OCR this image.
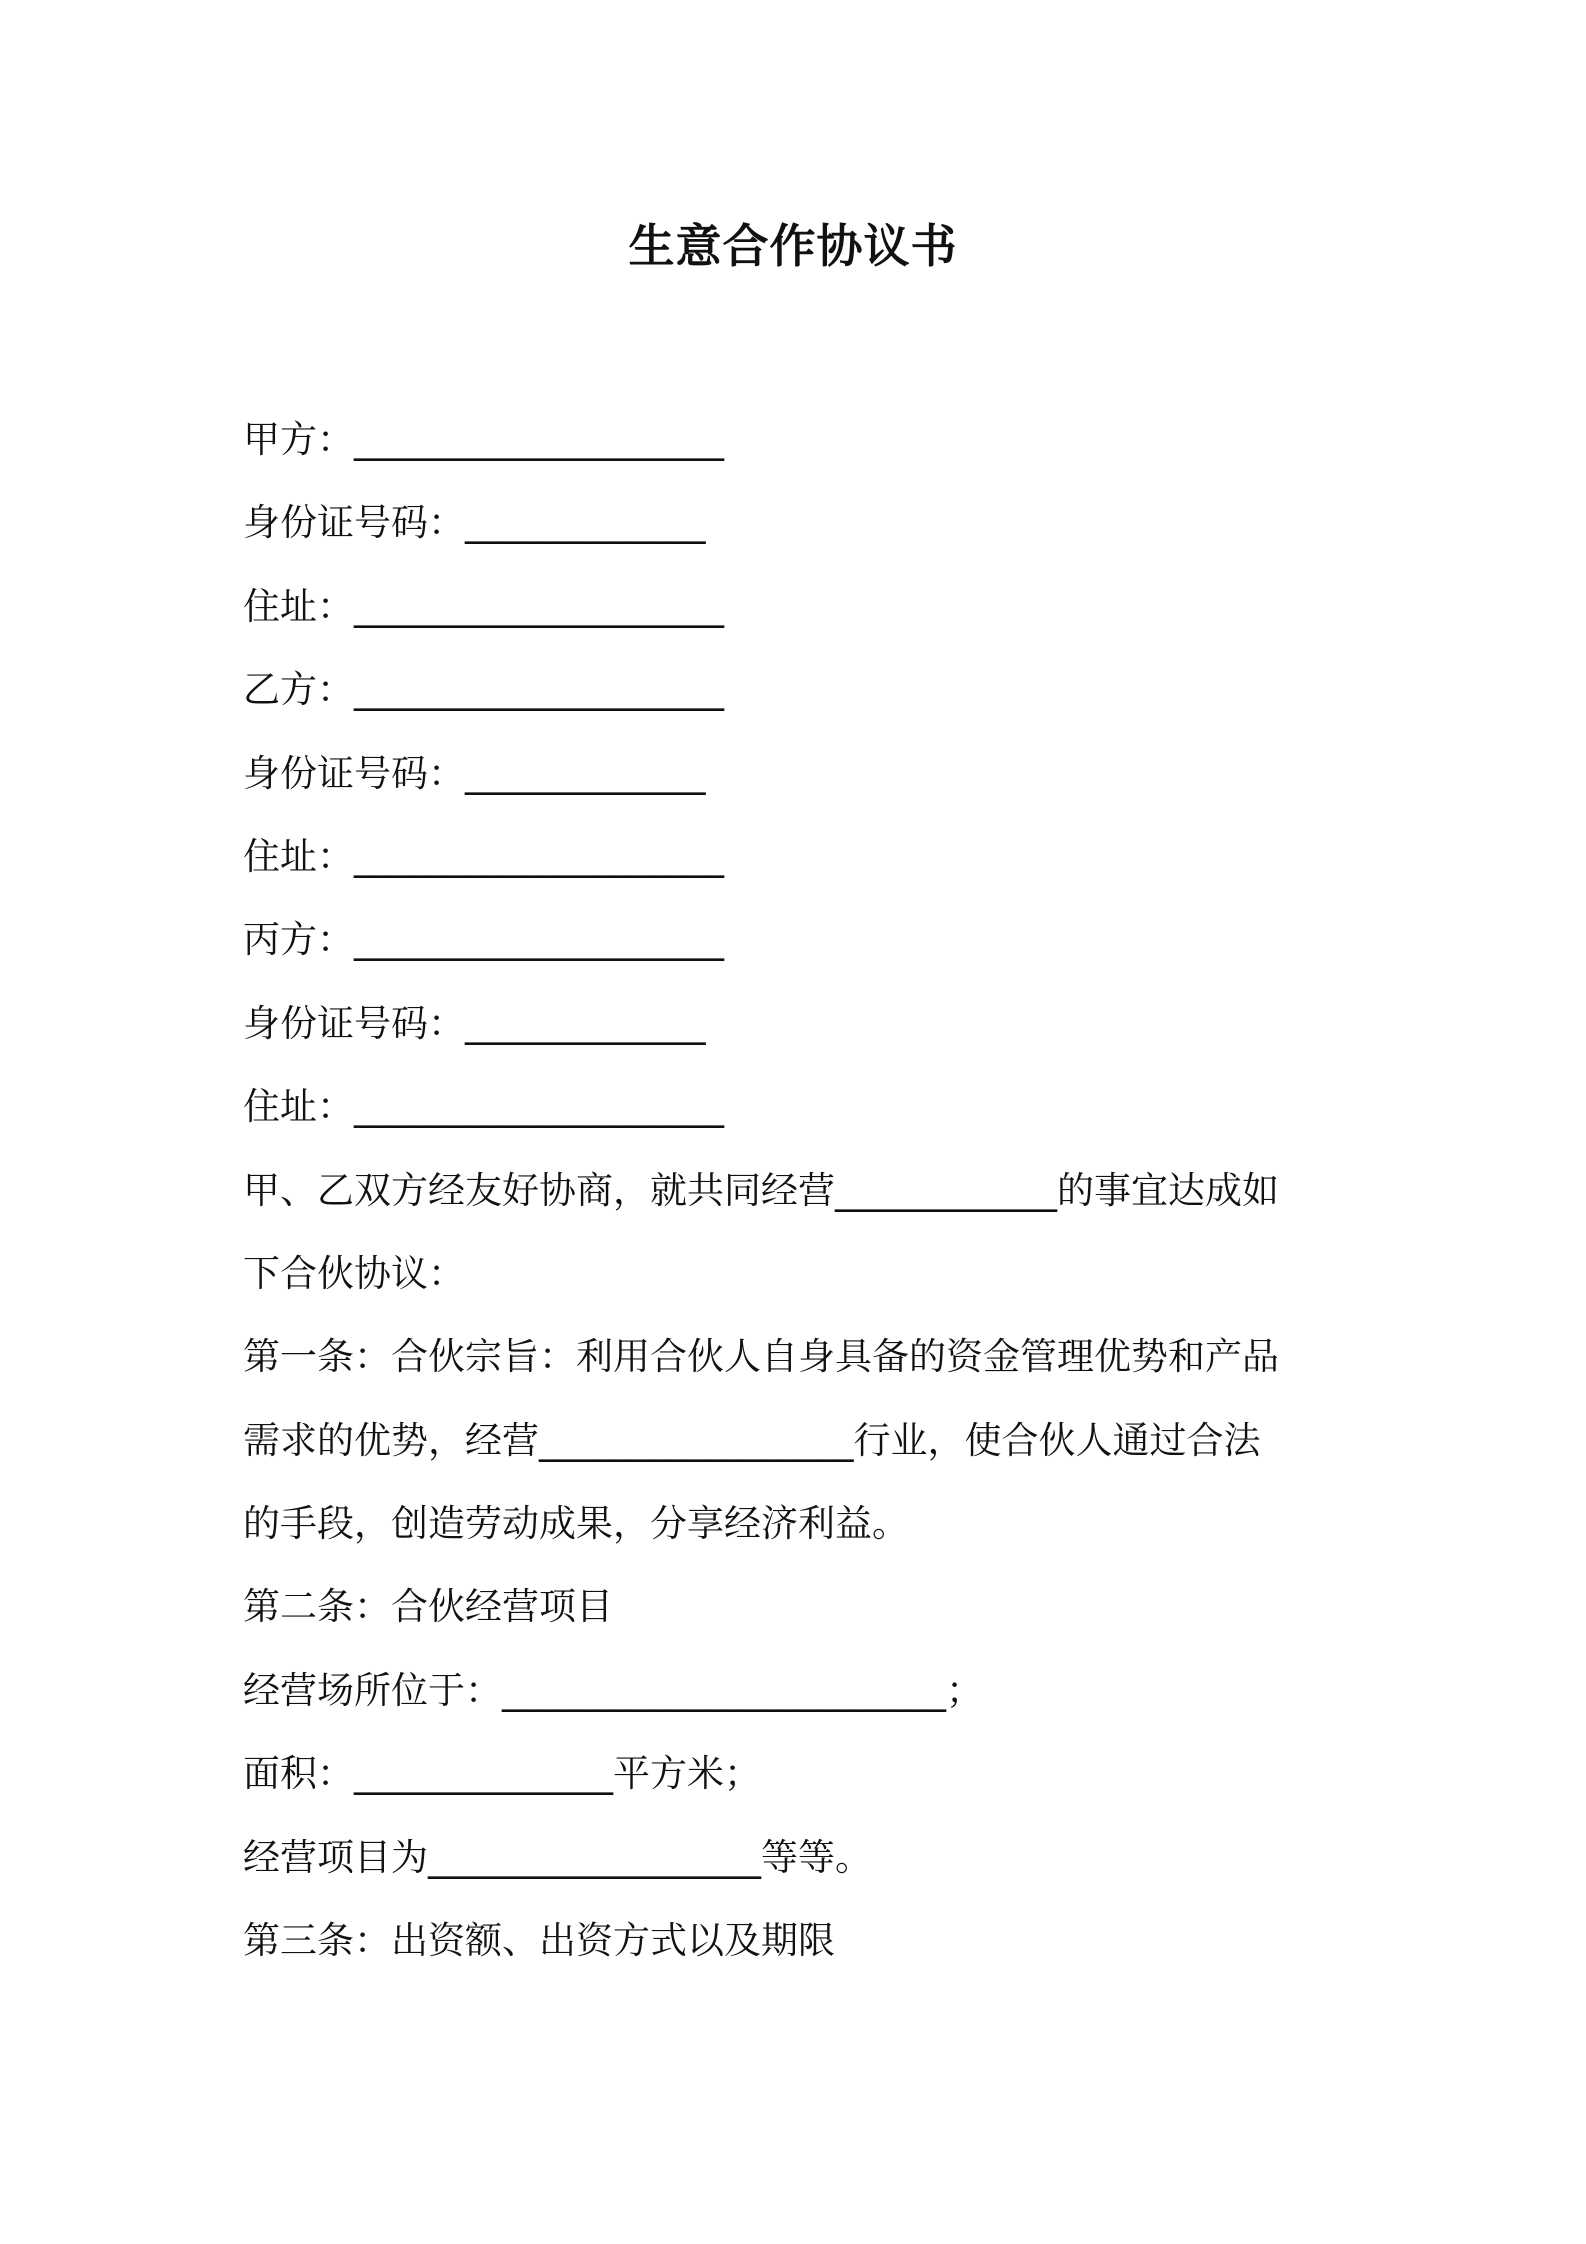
生意合作协议书
甲方：____________________
身份证号码：_____________
住址：____________________
乙方：____________________
身份证号码：_____________
住址：____________________
丙方：____________________
身份证号码：_____________
住址：____________________
甲、乙双方经友好协商，就共同经营____________的事宜达成如
下合伙协议：
第一条：合伙宗旨：利用合伙人自身具备的资金管理优势和产品
需求的优势，经营_________________行业，使合伙人通过合法
的手段，创造劳动成果，分享经济利益。
第二条：合伙经营项目
经营场所位于：________________________；
面积：______________平方米；
经营项目为__________________等等。
第三条：出资额、出资方式以及期限
